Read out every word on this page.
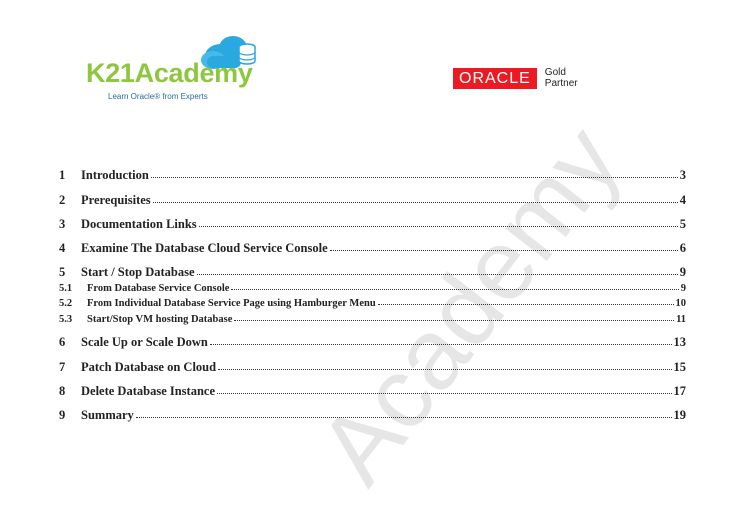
K21Academy
Learn Oracle® from Experts
ORACLE	Gold
Partner
Academy
1	Introduction	3
2	Prerequisites	4
3	Documentation Links	5
4	Examine The Database Cloud Service Console	6
5	Start / Stop Database	9
5.1	From Database Service Console	9
5.2	From Individual Database Service Page using Hamburger Menu	10
5.3	Start/Stop VM hosting Database	11
6	Scale Up or Scale Down	13
7	Patch Database on Cloud	15
8	Delete Database Instance	17
9	Summary	19
